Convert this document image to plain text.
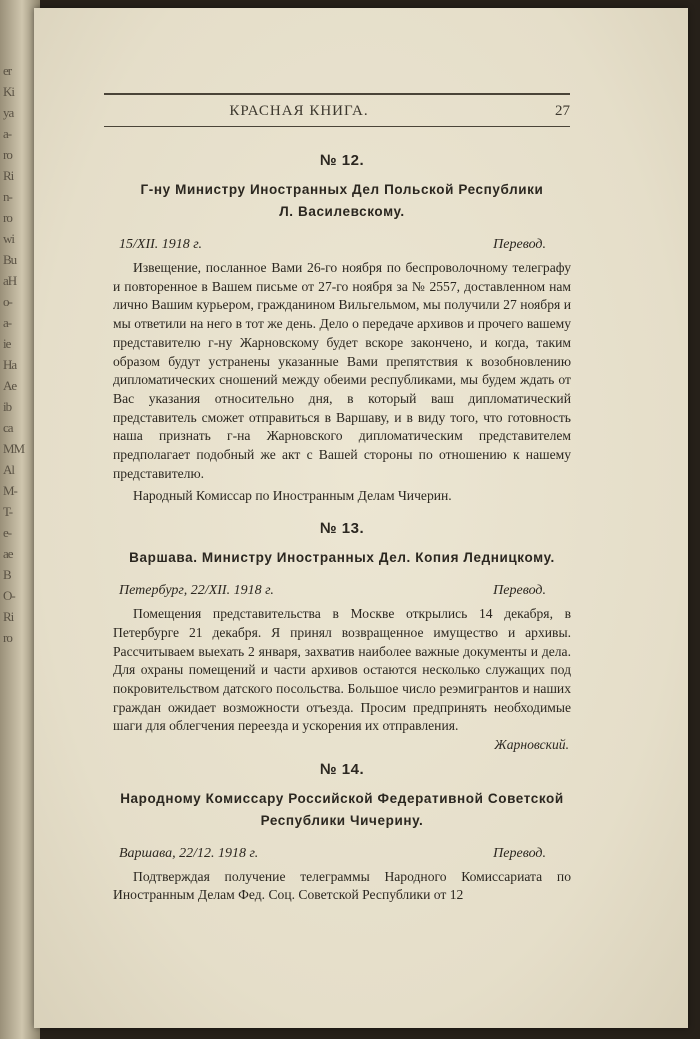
er
Ki
ya
a-
ro
Ri
n-
ro
wi
Bu
aH
o-
a-
ie
Ha
Ae
ib
ca
MM
Al
M-
T-
e-
ae
B
O-
Ri
ro
КРАСНАЯ КНИГА.	27
№ 12.
Г-ну Министру Иностранных Дел Польской Республики
Л. Василевскому.
15/XII. 1918 г.	Перевод.

Извещение, посланное Вами 26-го ноября по беспроволочному телеграфу и повторенное в Вашем письме от 27-го ноября за № 2557, доставленном нам лично Вашим курьером, гражданином Вильгельмом, мы получили 27 ноября и мы ответили на него в тот же день. Дело о передаче архивов и прочего вашему представителю г-ну Жарновскому будет вскоре закончено, и когда, таким образом будут устранены указанные Вами препятствия к возобновлению дипломатических сношений между обеими республиками, мы будем ждать от Вас указания относительно дня, в который ваш дипломатический представитель сможет отправиться в Варшаву, и в виду того, что готовность наша признать г-на Жарновского дипломатическим представителем предполагает подобный же акт с Вашей стороны по отношению к нашему представителю.

Народный Комиссар по Иностранным Делам Чичерин.

№ 13.
Варшава. Министру Иностранных Дел. Копия Ледницкому.
Петербург, 22/XII. 1918 г.	Перевод.

Помещения представительства в Москве открылись 14 декабря, в Петербурге 21 декабря. Я принял возвращенное имущество и архивы. Рассчитываем выехать 2 января, захватив наиболее важные документы и дела. Для охраны помещений и части архивов остаются несколько служащих под покровительством датского посольства. Большое число реэмигрантов и наших граждан ожидает возможности отъезда. Просим предпринять необходимые шаги для облегчения переезда и ускорения их отправления.

Жарновский.
№ 14.
Народному Комиссару Российской Федеративной Советской
Республики Чичерину.
Варшава, 22/12. 1918 г.	Перевод.

Подтверждая получение телеграммы Народного Комиссариата по Иностранным Делам Фед. Соц. Советской Республики от 12
